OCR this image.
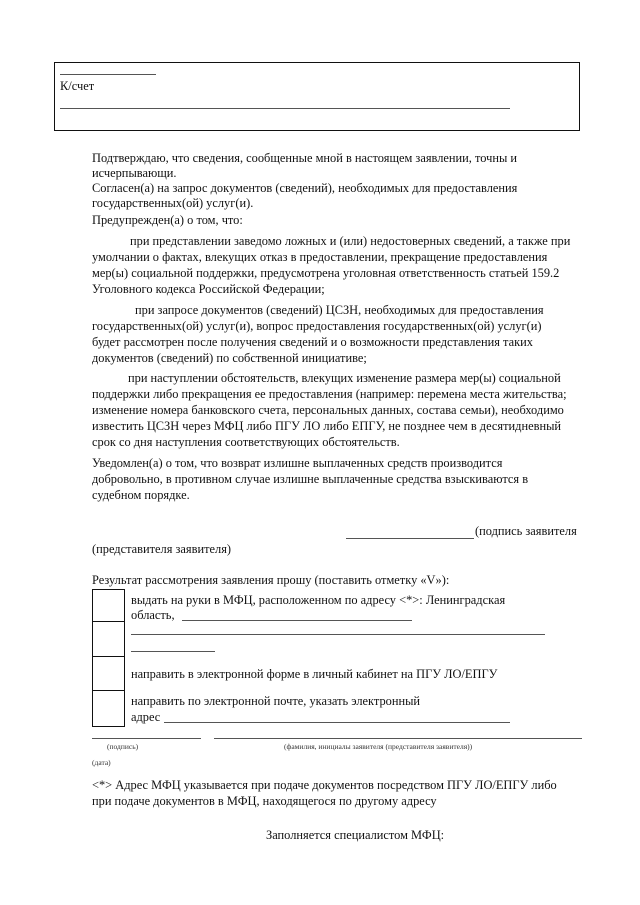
К/счет
Подтверждаю, что сведения, сообщенные мной в настоящем заявлении, точны и
исчерпывающи.
Согласен(а) на запрос документов (сведений), необходимых для предоставления
государственных(ой) услуг(и).
Предупрежден(а) о том, что:
при представлении заведомо ложных и (или) недостоверных сведений, а также при
умолчании о фактах, влекущих отказ в предоставлении, прекращение предоставления
мер(ы) социальной поддержки, предусмотрена уголовная ответственность статьей 159.2
Уголовного кодекса Российской Федерации;
при запросе документов (сведений) ЦСЗН, необходимых для предоставления
государственных(ой) услуг(и), вопрос предоставления государственных(ой) услуг(и)
будет рассмотрен после получения сведений и о возможности представления таких
документов (сведений) по собственной инициативе;
при наступлении обстоятельств, влекущих изменение размера мер(ы) социальной
поддержки либо прекращения ее предоставления (например: перемена места жительства;
изменение номера банковского счета, персональных данных, состава семьи), необходимо
известить ЦСЗН через МФЦ либо ПГУ ЛО либо ЕПГУ, не позднее чем в десятидневный
срок со дня наступления соответствующих обстоятельств.
Уведомлен(а) о том, что возврат излишне выплаченных средств производится
добровольно, в противном случае излишне выплаченные средства взыскиваются в
судебном порядке.
(подпись заявителя
(представителя заявителя)
Результат рассмотрения заявления прошу (поставить отметку «V»):
выдать на руки в МФЦ, расположенном по адресу <*>: Ленинградская
область,
направить в электронной форме в личный кабинет на ПГУ ЛО/ЕПГУ
направить по электронной почте, указать электронный
адрес
(подпись)	(фамилия, инициалы заявителя (представителя заявителя))
(дата)
<*> Адрес МФЦ указывается при подаче документов посредством ПГУ ЛО/ЕПГУ либо
при подаче документов в МФЦ, находящегося по другому адресу
Заполняется специалистом МФЦ:
